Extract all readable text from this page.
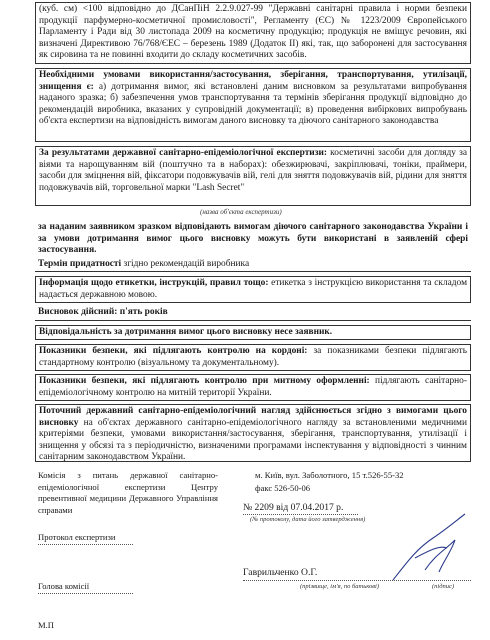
(куб. см) <100 відповідно до ДСанПіН 2.2.9.027-99 "Державні санітарні правила і норми безпеки продукції парфумерно-косметичної промисловості", Регламенту (ЄС) № 1223/2009 Європейського Парламенту і Ради від 30 листопада 2009 на косметичну продукцію; продукція не вміщує речовин, які визначені Директивою 76/768/ЄЕС – березень 1989 (Додаток II) які, так, що заборонені для застосування як сировина та не повинні входити до складу косметичних засобів.
Необхідними умовами використання/застосування, зберігання, транспортування, утилізації, знищення є: а) дотримання вимог, які встановлені даним висновком за результатами випробування наданого зразка; б) забезпечення умов транспортування та термінів зберігання продукції відповідно до рекомендацій виробника, вказаних у супровідній документації; в) проведення вибіркових випробувань об'єкта експертизи на відповідність вимогам даного висновку та діючого санітарного законодавства
За результатами державної санітарно-епідеміологічної експертизи: косметичні засоби для догляду за віями та нарощуванням вій (поштучно та в наборах): обезжирювачі, закріплювачі, тоніки, праймери, засоби для зміцнення вій, фіксатори подовжувачів вій, гелі для зняття подовжувачів вій, рідини для зняття подовжувачів вій, торговельної марки "Lash Secret"
(назва об'єкта експертизи)
за наданим заявником зразком відповідають вимогам діючого санітарного законодавства України і за умови дотримання вимог цього висновку можуть бути використані в заявленій сфері застосування.
Термін придатності згідно рекомендацій виробника
Інформація щодо етикетки, інструкцій, правил тощо: етикетка з інструкцією використання та складом надається державною мовою.
Висновок дійсний: п'ять років
Відповідальність за дотримання вимог цього висновку несе заявник.
Показники безпеки, які підлягають контролю на кордоні: за показниками безпеки підлягають стандартному контролю (візуальному та документальному).
Показники безпеки, які підлягають контролю при митному оформленні: підлягають санітарно-епідеміологічному контролю на митній території України.
Поточний державний санітарно-епідеміологічний нагляд здійснюється згідно з вимогами цього висновку на об'єктах державного санітарно-епідеміологічного нагляду за встановленими медичними критеріями безпеки, умовами використання/застосування, зберігання, транспортування, утилізації і знищення у обсязі та з періодичністю, визначеними програмами інспектування у відповідності з чинним санітарним законодавством України.
Комісія з питань державної санітарно-епідеміологічної експертизи Центру превентивної медицини Державного Управління справами
м. Київ, вул. Заболотного, 15 т.526-55-32
факс 526-50-06
Протокол експертизи
№ 2209 від 07.04.2017 р.
(№ протоколу, дата його затвердження)
Голова комісії
Гаврильченко О.Г.
(прізвище, ім'я, по батькові)	(підпис)
М.П
